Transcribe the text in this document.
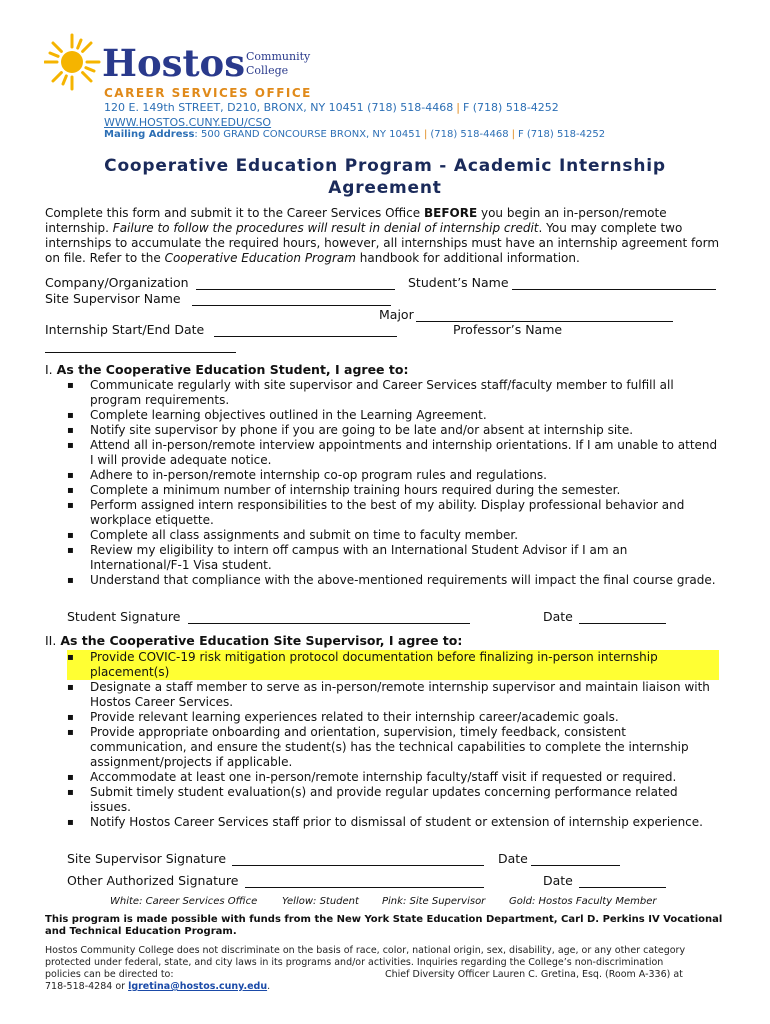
Hostos Community
College
CAREER SERVICES OFFICE
120 E. 149th STREET, D210, BRONX, NY 10451 (718) 518-4468 | F (718) 518-4252
WWW.HOSTOS.CUNY.EDU/CSO
Mailing Address: 500 GRAND CONCOURSE BRONX, NY 10451 | (718) 518-4468 | F (718) 518-4252
Cooperative Education Program - Academic Internship
Agreement
Complete this form and submit it to the Career Services Office BEFORE you begin an in-person/remote internship. Failure to follow the procedures will result in denial of internship credit. You may complete two internships to accumulate the required hours, however, all internships must have an internship agreement form on file. Refer to the Cooperative Education Program handbook for additional information.
Company/Organization	Student’s Name
Site Supervisor Name
Major
Internship Start/End Date	Professor’s Name
I. As the Cooperative Education Student, I agree to:
▪ Communicate regularly with site supervisor and Career Services staff/faculty member to fulfill all program requirements.
▪ Complete learning objectives outlined in the Learning Agreement.
▪ Notify site supervisor by phone if you are going to be late and/or absent at internship site.
▪ Attend all in-person/remote interview appointments and internship orientations. If I am unable to attend I will provide adequate notice.
▪ Adhere to in-person/remote internship co-op program rules and regulations.
▪ Complete a minimum number of internship training hours required during the semester.
▪ Perform assigned intern responsibilities to the best of my ability. Display professional behavior and workplace etiquette.
▪ Complete all class assignments and submit on time to faculty member.
▪ Review my eligibility to intern off campus with an International Student Advisor if I am an International/F-1 Visa student.
▪ Understand that compliance with the above-mentioned requirements will impact the final course grade.
Student Signature	Date
II. As the Cooperative Education Site Supervisor, I agree to:
▪ Provide COVIC-19 risk mitigation protocol documentation before finalizing in-person internship placement(s)
▪ Designate a staff member to serve as in-person/remote internship supervisor and maintain liaison with Hostos Career Services.
▪ Provide relevant learning experiences related to their internship career/academic goals.
▪ Provide appropriate onboarding and orientation, supervision, timely feedback, consistent communication, and ensure the student(s) has the technical capabilities to complete the internship assignment/projects if applicable.
▪ Accommodate at least one in-person/remote internship faculty/staff visit if requested or required.
▪ Submit timely student evaluation(s) and provide regular updates concerning performance related issues.
▪ Notify Hostos Career Services staff prior to dismissal of student or extension of internship experience.
Site Supervisor Signature	Date
Other Authorized Signature	Date
White: Career Services Office Yellow: Student Pink: Site Supervisor Gold: Hostos Faculty Member
This program is made possible with funds from the New York State Education Department, Carl D. Perkins IV Vocational and Technical Education Program.
Hostos Community College does not discriminate on the basis of race, color, national origin, sex, disability, age, or any other category
protected under federal, state, and city laws in its programs and/or activities. Inquiries regarding the College’s non-discrimination
policies can be directed to:	Chief Diversity Officer Lauren C. Gretina, Esq. (Room A-336) at
718-518-4284 or lgretina@hostos.cuny.edu.
